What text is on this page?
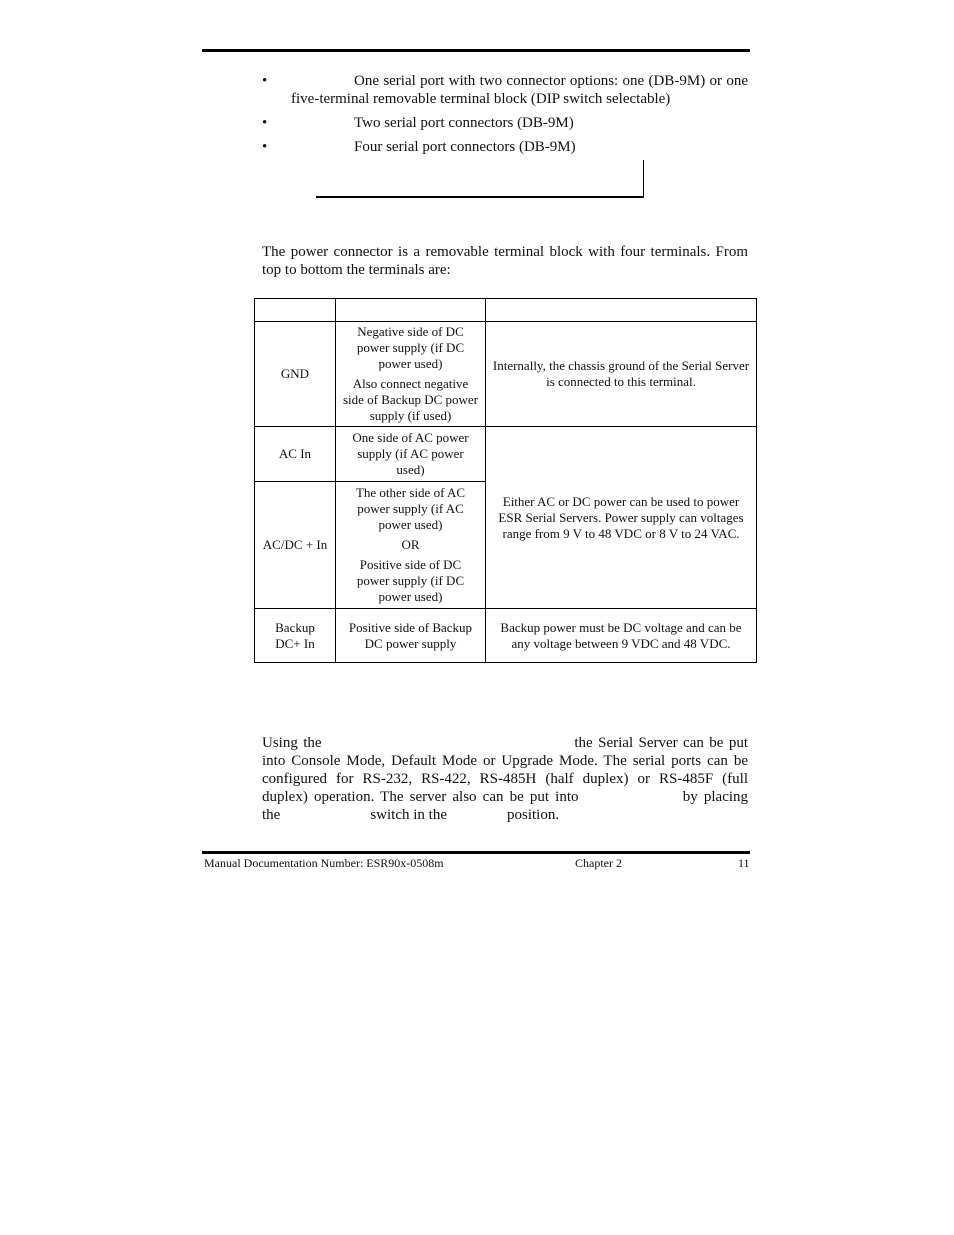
•	One serial port with two connector options: one (DB-9M) or one five-terminal removable terminal block (DIP switch selectable)
•	Two serial port connectors (DB-9M)
•	Four serial port connectors (DB-9M)
The power connector is a removable terminal block with four terminals. From top to bottom the terminals are:

GND	Negative side of DC power supply (if DC power used)

Also connect negative side of Backup DC power supply (if used)	Internally, the chassis ground of the Serial Server is connected to this terminal.
AC In	One side of AC power supply (if AC power used)	Either AC or DC power can be used to power ESR Serial Servers. Power supply can voltages range from 9 V to 48 VDC or 8 V to 24 VAC.
AC/DC + In	The other side of AC power supply (if AC power used)

OR

Positive side of DC power supply (if DC power used)	

Backup DC+ In	Positive side of Backup DC power supply	Backup power must be DC voltage and can be any voltage between 9 VDC and 48 VDC.
Using the	the Serial Server can be put
into Console Mode, Default Mode or Upgrade Mode. The serial ports can be
configured for RS-232, RS-422, RS-485H (half duplex) or RS-485F (full
duplex) operation. The server also can be put into	by placing
the	switch in the	position.
Manual Documentation Number: ESR90x-0508m	Chapter 2	11
